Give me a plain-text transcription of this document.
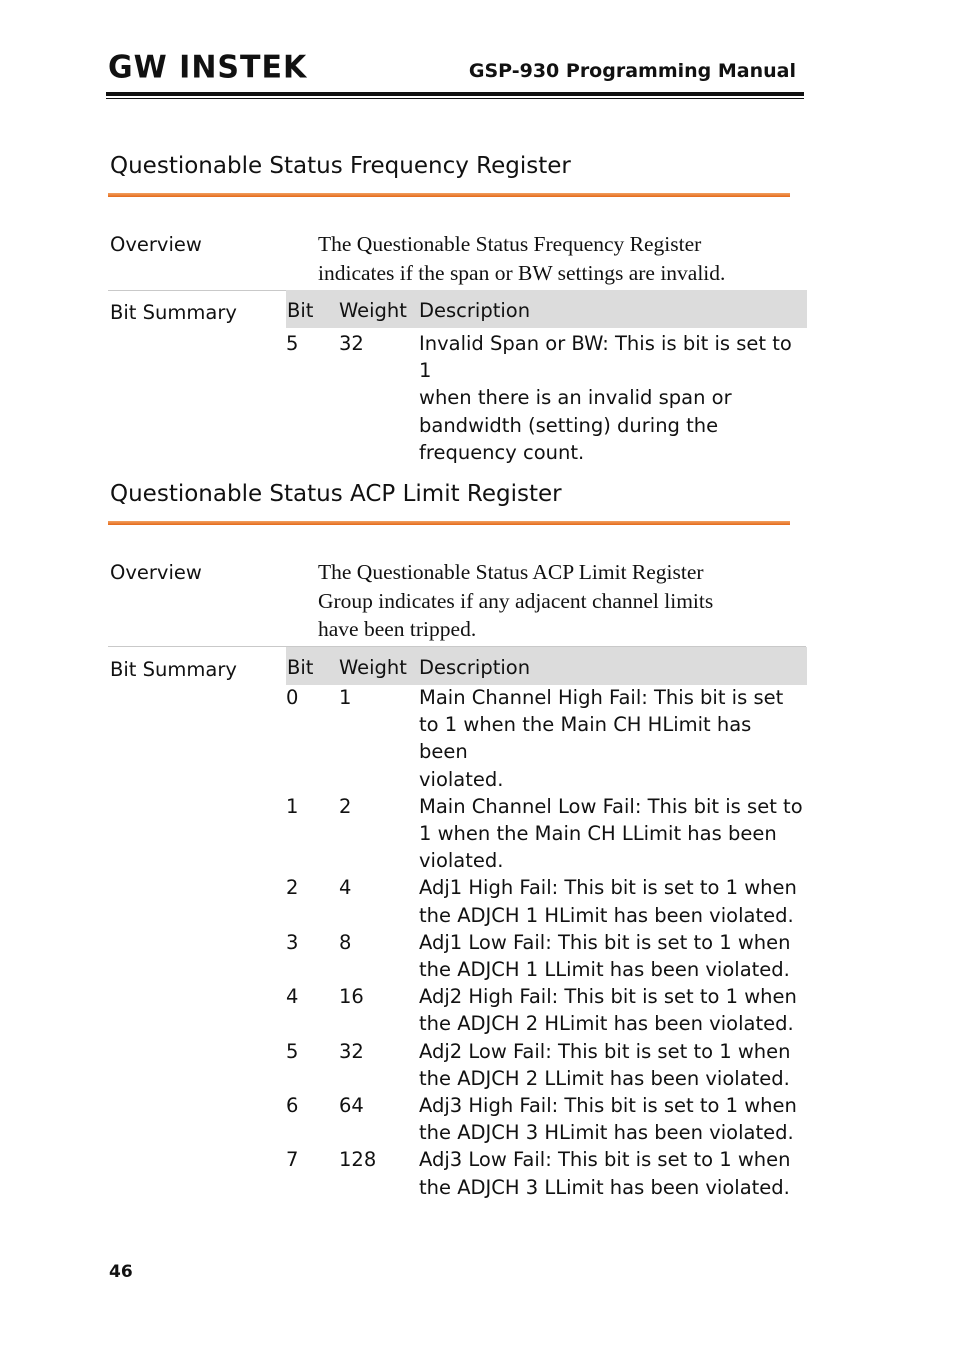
GW INSTEK	GSP-930 Programming Manual
Questionable Status Frequency Register
Overview	The Questionable Status Frequency Register
indicates if the span or BW settings are invalid.
Bit Summary	Bit Weight Description
5 32	Invalid Span or BW: This is bit is set to 1
when there is an invalid span or
bandwidth (setting) during the
frequency count.
Questionable Status ACP Limit Register
Overview	The Questionable Status ACP Limit Register
Group indicates if any adjacent channel limits
have been tripped.
Bit Summary	Bit Weight Description
0 1	Main Channel High Fail: This bit is set
to 1 when the Main CH HLimit has been
violated.
1 2	Main Channel Low Fail: This bit is set to
1 when the Main CH LLimit has been
violated.
2 4	Adj1 High Fail: This bit is set to 1 when
the ADJCH 1 HLimit has been violated.
3 8	Adj1 Low Fail: This bit is set to 1 when
the ADJCH 1 LLimit has been violated.
4 16	Adj2 High Fail: This bit is set to 1 when
the ADJCH 2 HLimit has been violated.
5 32	Adj2 Low Fail: This bit is set to 1 when
the ADJCH 2 LLimit has been violated.
6 64	Adj3 High Fail: This bit is set to 1 when
the ADJCH 3 HLimit has been violated.
7 128 Adj3 Low Fail: This bit is set to 1 when
the ADJCH 3 LLimit has been violated.
46
